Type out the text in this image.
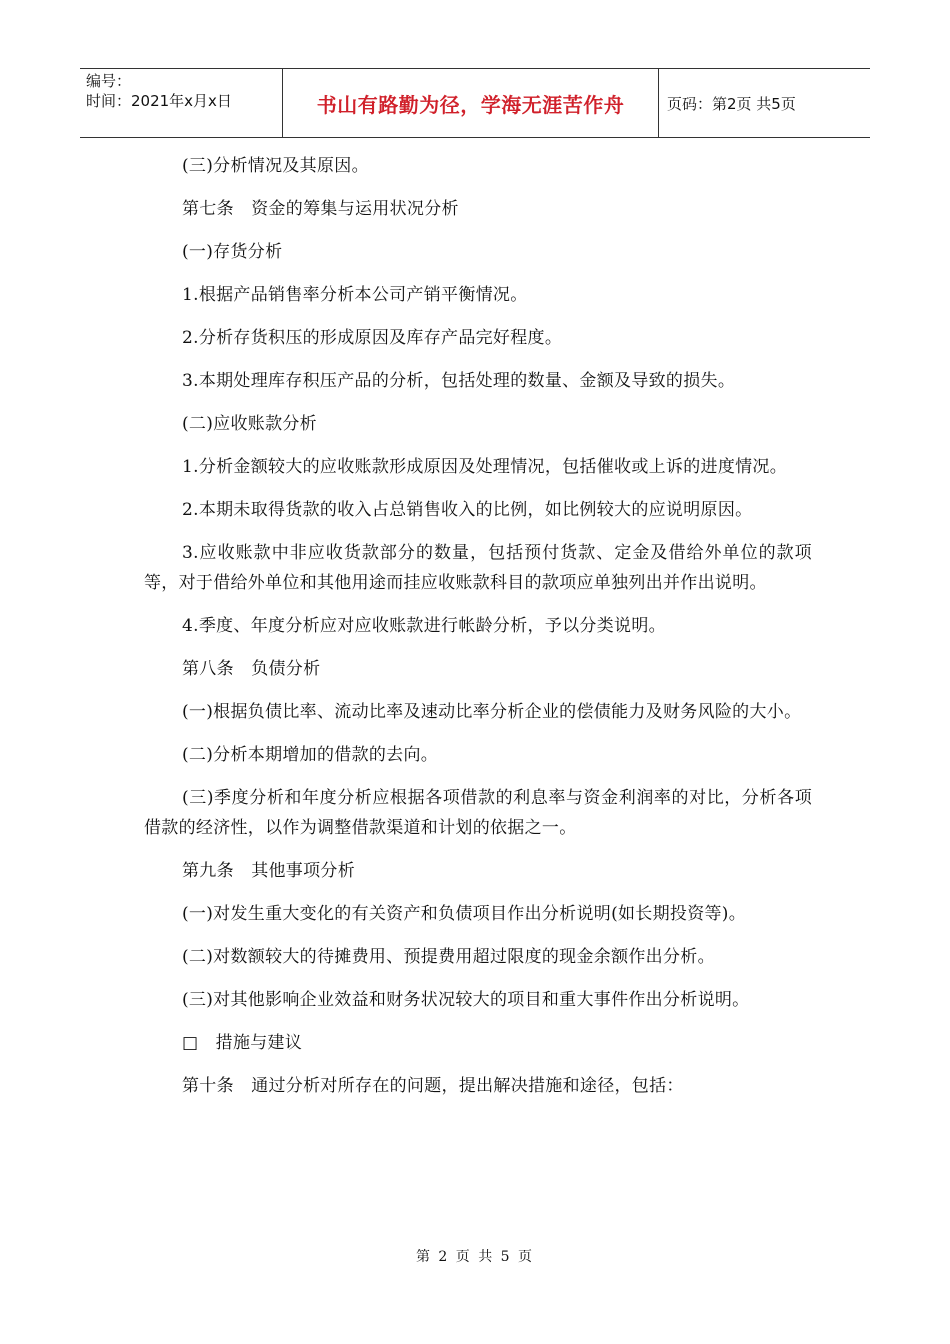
编号：
时间：2021年x月x日	书山有路勤为径，学海无涯苦作舟	页码：第2页 共5页

(三)分析情况及其原因。

第七条　资金的筹集与运用状况分析

(一)存货分析

1.根据产品销售率分析本公司产销平衡情况。

2.分析存货积压的形成原因及库存产品完好程度。

3.本期处理库存积压产品的分析，包括处理的数量、金额及导致的损失。

(二)应收账款分析

1.分析金额较大的应收账款形成原因及处理情况，包括催收或上诉的进度情况。

2.本期未取得货款的收入占总销售收入的比例，如比例较大的应说明原因。

3.应收账款中非应收货款部分的数量，包括预付货款、定金及借给外单位的款项等，对于借给外单位和其他用途而挂应收账款科目的款项应单独列出并作出说明。

4.季度、年度分析应对应收账款进行帐龄分析，予以分类说明。

第八条　负债分析

(一)根据负债比率、流动比率及速动比率分析企业的偿债能力及财务风险的大小。

(二)分析本期增加的借款的去向。

(三)季度分析和年度分析应根据各项借款的利息率与资金利润率的对比，分析各项借款的经济性，以作为调整借款渠道和计划的依据之一。

第九条　其他事项分析

(一)对发生重大变化的有关资产和负债项目作出分析说明(如长期投资等)。

(二)对数额较大的待摊费用、预提费用超过限度的现金余额作出分析。

(三)对其他影响企业效益和财务状况较大的项目和重大事件作出分析说明。

□　措施与建议

第十条　通过分析对所存在的问题，提出解决措施和途径，包括：

第 2 页 共 5 页
